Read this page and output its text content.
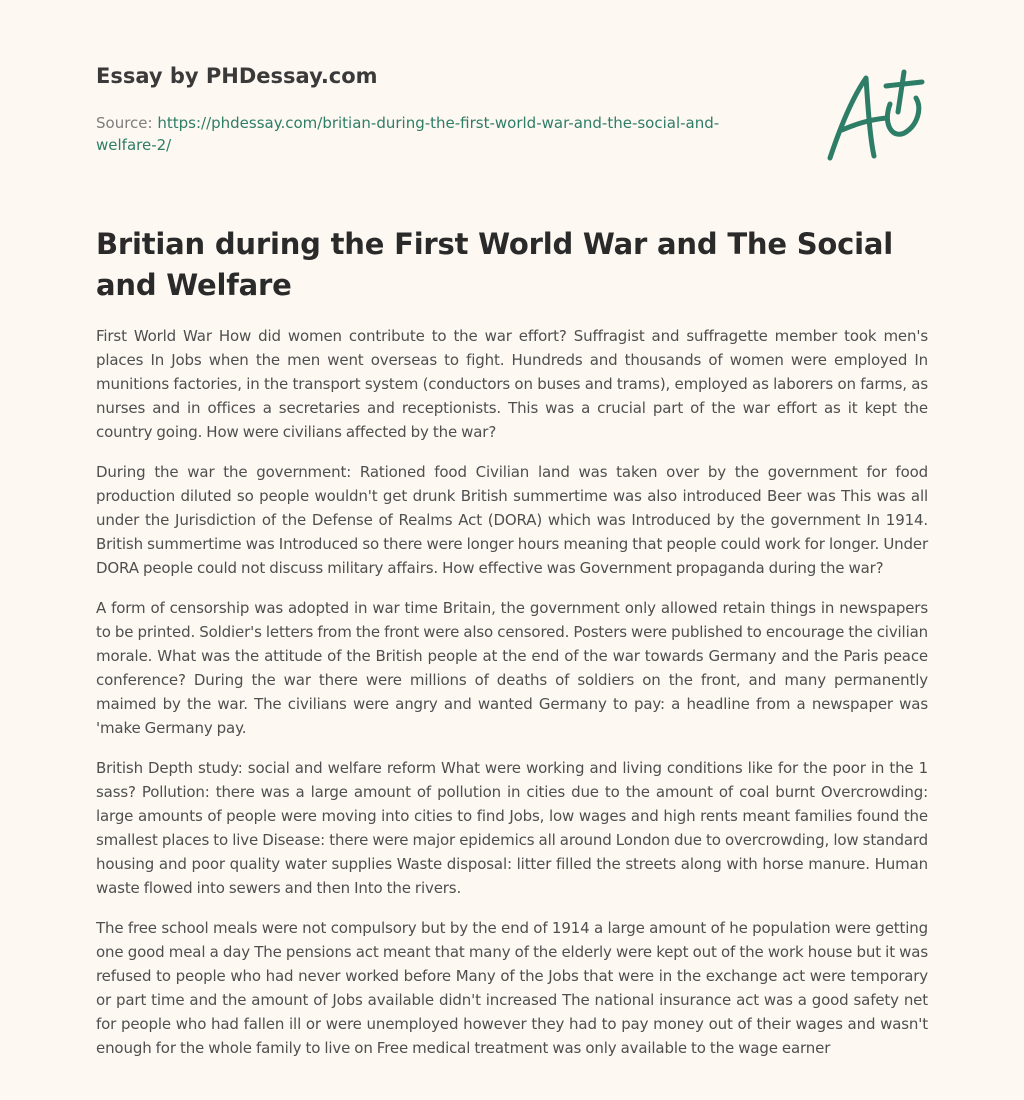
Essay by PHDessay.com

Source: https://phdessay.com/britian-during-the-first-world-war-and-the-social-and-welfare-2/

Britian during the First World War and The Social and Welfare

First World War How did women contribute to the war effort? Suffragist and suffragette member took men's places In Jobs when the men went overseas to fight. Hundreds and thousands of women were employed In munitions factories, in the transport system (conductors on buses and trams), employed as laborers on farms, as nurses and in offices a secretaries and receptionists. This was a crucial part of the war effort as it kept the country going. How were civilians affected by the war?

During the war the government: Rationed food Civilian land was taken over by the government for food production diluted so people wouldn't get drunk British summertime was also introduced Beer was This was all under the Jurisdiction of the Defense of Realms Act (DORA) which was Introduced by the government In 1914. British summertime was Introduced so there were longer hours meaning that people could work for longer. Under DORA people could not discuss military affairs. How effective was Government propaganda during the war?

A form of censorship was adopted in war time Britain, the government only allowed retain things in newspapers to be printed. Soldier's letters from the front were also censored. Posters were published to encourage the civilian morale. What was the attitude of the British people at the end of the war towards Germany and the Paris peace conference? During the war there were millions of deaths of soldiers on the front, and many permanently maimed by the war. The civilians were angry and wanted Germany to pay: a headline from a newspaper was 'make Germany pay.

British Depth study: social and welfare reform What were working and living conditions like for the poor in the 1 sass? Pollution: there was a large amount of pollution in cities due to the amount of coal burnt Overcrowding: large amounts of people were moving into cities to find Jobs, low wages and high rents meant families found the smallest places to live Disease: there were major epidemics all around London due to overcrowding, low standard housing and poor quality water supplies Waste disposal: litter filled the streets along with horse manure. Human waste flowed into sewers and then Into the rivers.

The free school meals were not compulsory but by the end of 1914 a large amount of he population were getting one good meal a day The pensions act meant that many of the elderly were kept out of the work house but it was refused to people who had never worked before Many of the Jobs that were in the exchange act were temporary or part time and the amount of Jobs available didn't increased The national insurance act was a good safety net for people who had fallen ill or were unemployed however they had to pay money out of their wages and wasn't enough for the whole family to live on Free medical treatment was only available to the wage earner
